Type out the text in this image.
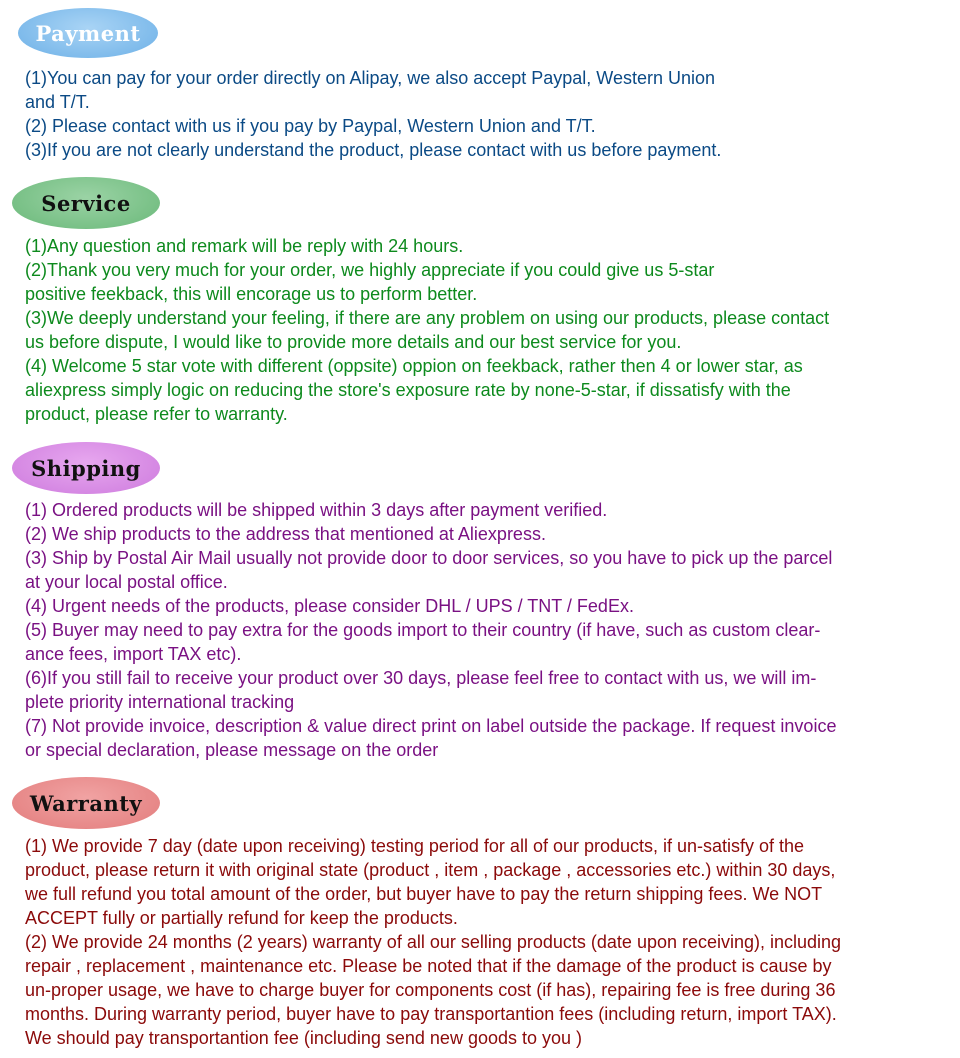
Payment
(1)You can pay for your order directly on Alipay, we also accept Paypal, Western Union
and T/T.
(2) Please contact with us if you pay by Paypal, Western Union and T/T.
(3)If you are not clearly understand the product, please contact with us before payment.
Service
(1)Any question and remark will be reply with 24 hours.
(2)Thank you very much for your order, we highly appreciate if you could give us 5-star
positive feekback, this will encorage us to perform better.
(3)We deeply understand your feeling, if there are any problem on using our products, please contact
us before dispute, I would like to provide more details and our best service for you.
(4) Welcome 5 star vote with different (oppsite) oppion on feekback, rather then 4 or lower star, as
aliexpress simply logic on reducing the store's exposure rate by none-5-star, if dissatisfy with the
product, please refer to warranty.
Shipping
(1) Ordered products will be shipped within 3 days after payment verified.
(2) We ship products to the address that mentioned at Aliexpress.
(3) Ship by Postal Air Mail usually not provide door to door services, so you have to pick up the parcel
at your local postal office.
(4) Urgent needs of the products, please consider DHL / UPS / TNT / FedEx.
(5) Buyer may need to pay extra for the goods import to their country (if have, such as custom clear-
ance fees, import TAX etc).
(6)If you still fail to receive your product over 30 days, please feel free to contact with us, we will im-
plete priority international tracking
(7) Not provide invoice, description & value direct print on label outside the package. If request invoice
or special declaration, please message on the order
Warranty
(1) We provide 7 day (date upon receiving) testing period for all of our products, if un-satisfy of the
product, please return it with original state (product , item , package , accessories etc.) within 30 days,
we full refund you total amount of the order, but buyer have to pay the return shipping fees. We NOT
ACCEPT fully or partially refund for keep the products.
(2) We provide 24 months (2 years) warranty of all our selling products (date upon receiving), including
repair , replacement , maintenance etc. Please be noted that if the damage of the product is cause by
un-proper usage, we have to charge buyer for components cost (if has), repairing fee is free during 36
months. During warranty period, buyer have to pay transportantion fees (including return, import TAX).
We should pay transportantion fee (including send new goods to you )
